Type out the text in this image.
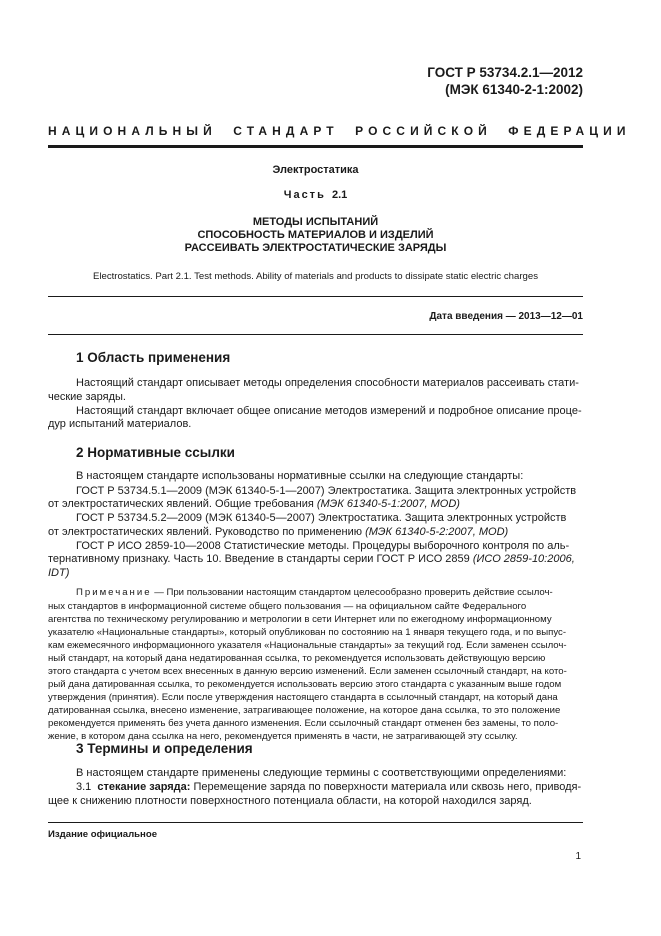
ГОСТ Р 53734.2.1—2012
(МЭК 61340-2-1:2002)
НАЦИОНАЛЬНЫЙ СТАНДАРТ РОССИЙСКОЙ ФЕДЕРАЦИИ
Электростатика
Часть 2.1
МЕТОДЫ ИСПЫТАНИЙ
СПОСОБНОСТЬ МАТЕРИАЛОВ И ИЗДЕЛИЙ
РАССЕИВАТЬ ЭЛЕКТРОСТАТИЧЕСКИЕ ЗАРЯДЫ
Electrostatics. Part 2.1. Test methods. Ability of materials and products to dissipate static electric charges
Дата введения — 2013—12—01
1 Область применения
Настоящий стандарт описывает методы определения способности материалов рассеивать стати-
ческие заряды.
Настоящий стандарт включает общее описание методов измерений и подробное описание проце-
дур испытаний материалов.
2 Нормативные ссылки
В настоящем стандарте использованы нормативные ссылки на следующие стандарты:
ГОСТ Р 53734.5.1—2009 (МЭК 61340-5-1—2007) Электростатика. Защита электронных устройств
от электростатических явлений. Общие требования (МЭК 61340-5-1:2007, MOD)
ГОСТ Р 53734.5.2—2009 (МЭК 61340-5—2007) Электростатика. Защита электронных устройств
от электростатических явлений. Руководство по применению (МЭК 61340-5-2:2007, MOD)
ГОСТ Р ИСО 2859-10—2008 Статистические методы. Процедуры выборочного контроля по аль-
тернативному признаку. Часть 10. Введение в стандарты серии ГОСТ Р ИСО 2859 (ИСО 2859-10:2006,
IDT)
Примечание — При пользовании настоящим стандартом целесообразно проверить действие ссылоч-
ных стандартов в информационной системе общего пользования — на официальном сайте Федерального
агентства по техническому регулированию и метрологии в сети Интернет или по ежегодному информационному
указателю «Национальные стандарты», который опубликован по состоянию на 1 января текущего года, и по выпус-
кам ежемесячного информационного указателя «Национальные стандарты» за текущий год. Если заменен ссылоч-
ный стандарт, на который дана недатированная ссылка, то рекомендуется использовать действующую версию
этого стандарта с учетом всех внесенных в данную версию изменений. Если заменен ссылочный стандарт, на кото-
рый дана датированная ссылка, то рекомендуется использовать версию этого стандарта с указанным выше годом
утверждения (принятия). Если после утверждения настоящего стандарта в ссылочный стандарт, на который дана
датированная ссылка, внесено изменение, затрагивающее положение, на которое дана ссылка, то это положение
рекомендуется применять без учета данного изменения. Если ссылочный стандарт отменен без замены, то поло-
жение, в котором дана ссылка на него, рекомендуется применять в части, не затрагивающей эту ссылку.
3 Термины и определения
В настоящем стандарте применены следующие термины с соответствующими определениями:
3.1 стекание заряда: Перемещение заряда по поверхности материала или сквозь него, приводя-
щее к снижению плотности поверхностного потенциала области, на которой находился заряд.
Издание официальное
1
